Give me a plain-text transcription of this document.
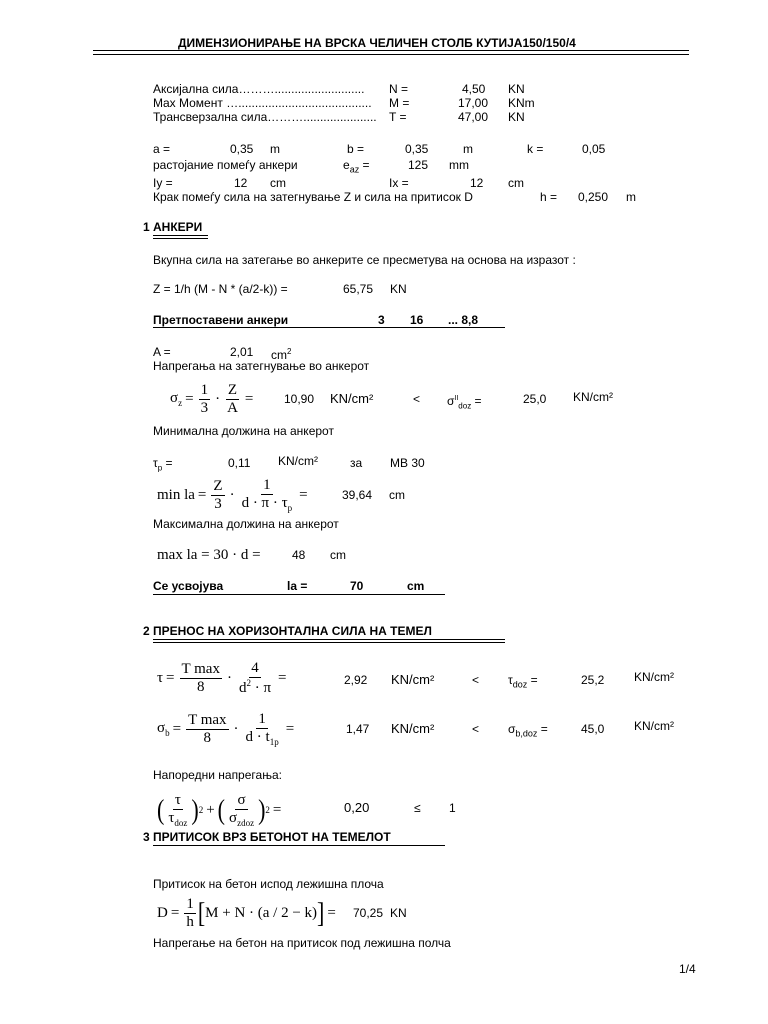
ДИМЕНЗИОНИРАЊЕ НА ВРСКА ЧЕЛИЧЕН СТОЛБ КУТИЈА150/150/4
Аксијална сила………........................... N =	4,50 KN
Max Момент …........................................ M =	17,00 KNm
Трансверзална сила………...................... T =	47,00 KN
a =	0,35 m	b =	0,35	m	k =	0,05
растојание помеѓу анкери	$e_{az}$ =	125 mm
Iy =	12 cm	Ix =	12 cm
Крак помеѓу сила на затегнување Z и сила на притисок D	h = 0,250 m
1 АНКЕРИ
Вкупна сила на затегање во анкерите се пресметува на основа на изразот :
Z = 1/h (M - N * (a/2-k)) =	65,75 KN
Претпоставени анкери	3 16 ... 8,8
A =	2,01 $cm^2$
Напрегања на затегнување во анкерот
$\sigma_z = \frac{1}{3} \cdot \frac{Z}{A}$ =	10,90 KN/cm²	< $\sigma^{II}_{doz}$ =	25,0 KN/cm²
Минимална должина на анкерот
$\tau_p$ =	0,11 KN/cm²	за MB 30
min la = $\frac{Z}{3} \cdot \frac{1}{d \cdot \pi \cdot \tau_p}$ =	39,64 cm
Максимална должина на анкерот
max la = 30 · d =	48 cm
Се усвојува	la =	70	cm
2 ПРЕНОС НА ХОРИЗОНТАЛНА СИЛА НА ТЕМЕЛ
$\tau = \frac{\text{T max}}{8} \cdot \frac{4}{d^2 \cdot \pi}$ =	2,92 KN/cm²	< $\tau_{doz}$ =	25,2 KN/cm²
$\sigma_b = \frac{\text{T max}}{8} \cdot \frac{1}{d \cdot t_{1p}}$ =	1,47 KN/cm²	< $\sigma_{b,doz}$ =	45,0 KN/cm²
Напоредни напрегања:
( $\frac{\tau}{\tau_{doz}}$ ) 2 + ( $\frac{\sigma}{\sigma_{zdoz}}$ ) 2 =	0,20	≤ 1
3 ПРИТИСОК ВРЗ БЕТОНОТ НА ТЕМЕЛОТ
Притисок на бетон испод лежишна плоча
$D = \frac{1}{h}$ [ M + N · (a / 2 − k) ] = 70,25 KN
Напрегање на бетон на притисок под лежишна полча
1/4
